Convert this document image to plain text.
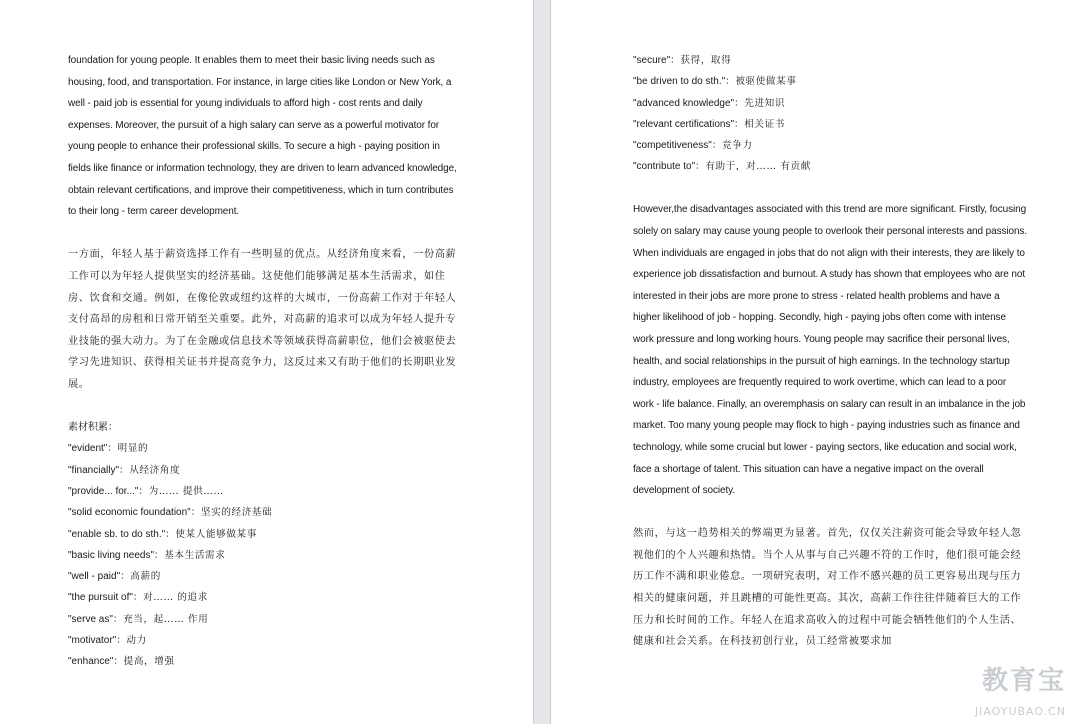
foundation for young people. It enables them to meet their basic living needs such as housing, food, and transportation. For instance, in large cities like London or New York, a well - paid job is essential for young individuals to afford high - cost rents and daily expenses. Moreover, the pursuit of a high salary can serve as a powerful motivator for young people to enhance their professional skills. To secure a high - paying position in fields like finance or information technology, they are driven to learn advanced knowledge, obtain relevant certifications, and improve their competitiveness, which in turn contributes to their long - term career development.

一方面，年轻人基于薪资选择工作有一些明显的优点。从经济角度来看，一份高薪工作可以为年轻人提供坚实的经济基础。这使他们能够满足基本生活需求，如住房、饮食和交通。例如，在像伦敦或纽约这样的大城市，一份高薪工作对于年轻人支付高昂的房租和日常开销至关重要。此外，对高薪的追求可以成为年轻人提升专业技能的强大动力。为了在金融或信息技术等领域获得高薪职位，他们会被驱使去学习先进知识、获得相关证书并提高竞争力，这反过来又有助于他们的长期职业发展。

素材积累：

"evident"：明显的

"financially"：从经济角度

"provide... for..."：为…… 提供……

"solid economic foundation"：坚实的经济基础

"enable sb. to do sth."：使某人能够做某事

"basic living needs"：基本生活需求

"well - paid"：高薪的

"the pursuit of"：对…… 的追求

"serve as"：充当，起…… 作用

"motivator"：动力

"enhance"：提高，增强

"secure"：获得，取得

"be driven to do sth."：被驱使做某事

"advanced knowledge"：先进知识

"relevant certifications"：相关证书

"competitiveness"：竞争力

"contribute to"：有助于，对…… 有贡献

However,the disadvantages associated with this trend are more significant. Firstly, focusing solely on salary may cause young people to overlook their personal interests and passions. When individuals are engaged in jobs that do not align with their interests, they are likely to experience job dissatisfaction and burnout. A study has shown that employees who are not interested in their jobs are more prone to stress - related health problems and have a higher likelihood of job - hopping. Secondly, high - paying jobs often come with intense work pressure and long working hours. Young people may sacrifice their personal lives, health, and social relationships in the pursuit of high earnings. In the technology startup industry, employees are frequently required to work overtime, which can lead to a poor work - life balance. Finally, an overemphasis on salary can result in an imbalance in the job market. Too many young people may flock to high - paying industries such as finance and technology, while some crucial but lower - paying sectors, like education and social work, face a shortage of talent. This situation can have a negative impact on the overall development of society.

然而，与这一趋势相关的弊端更为显著。首先，仅仅关注薪资可能会导致年轻人忽视他们的个人兴趣和热情。当个人从事与自己兴趣不符的工作时，他们很可能会经历工作不满和职业倦怠。一项研究表明，对工作不感兴趣的员工更容易出现与压力相关的健康问题，并且跳槽的可能性更高。其次，高薪工作往往伴随着巨大的工作压力和长时间的工作。年轻人在追求高收入的过程中可能会牺牲他们的个人生活、健康和社会关系。在科技初创行业，员工经常被要求加

教育宝
JIAOYUBAO.CN
